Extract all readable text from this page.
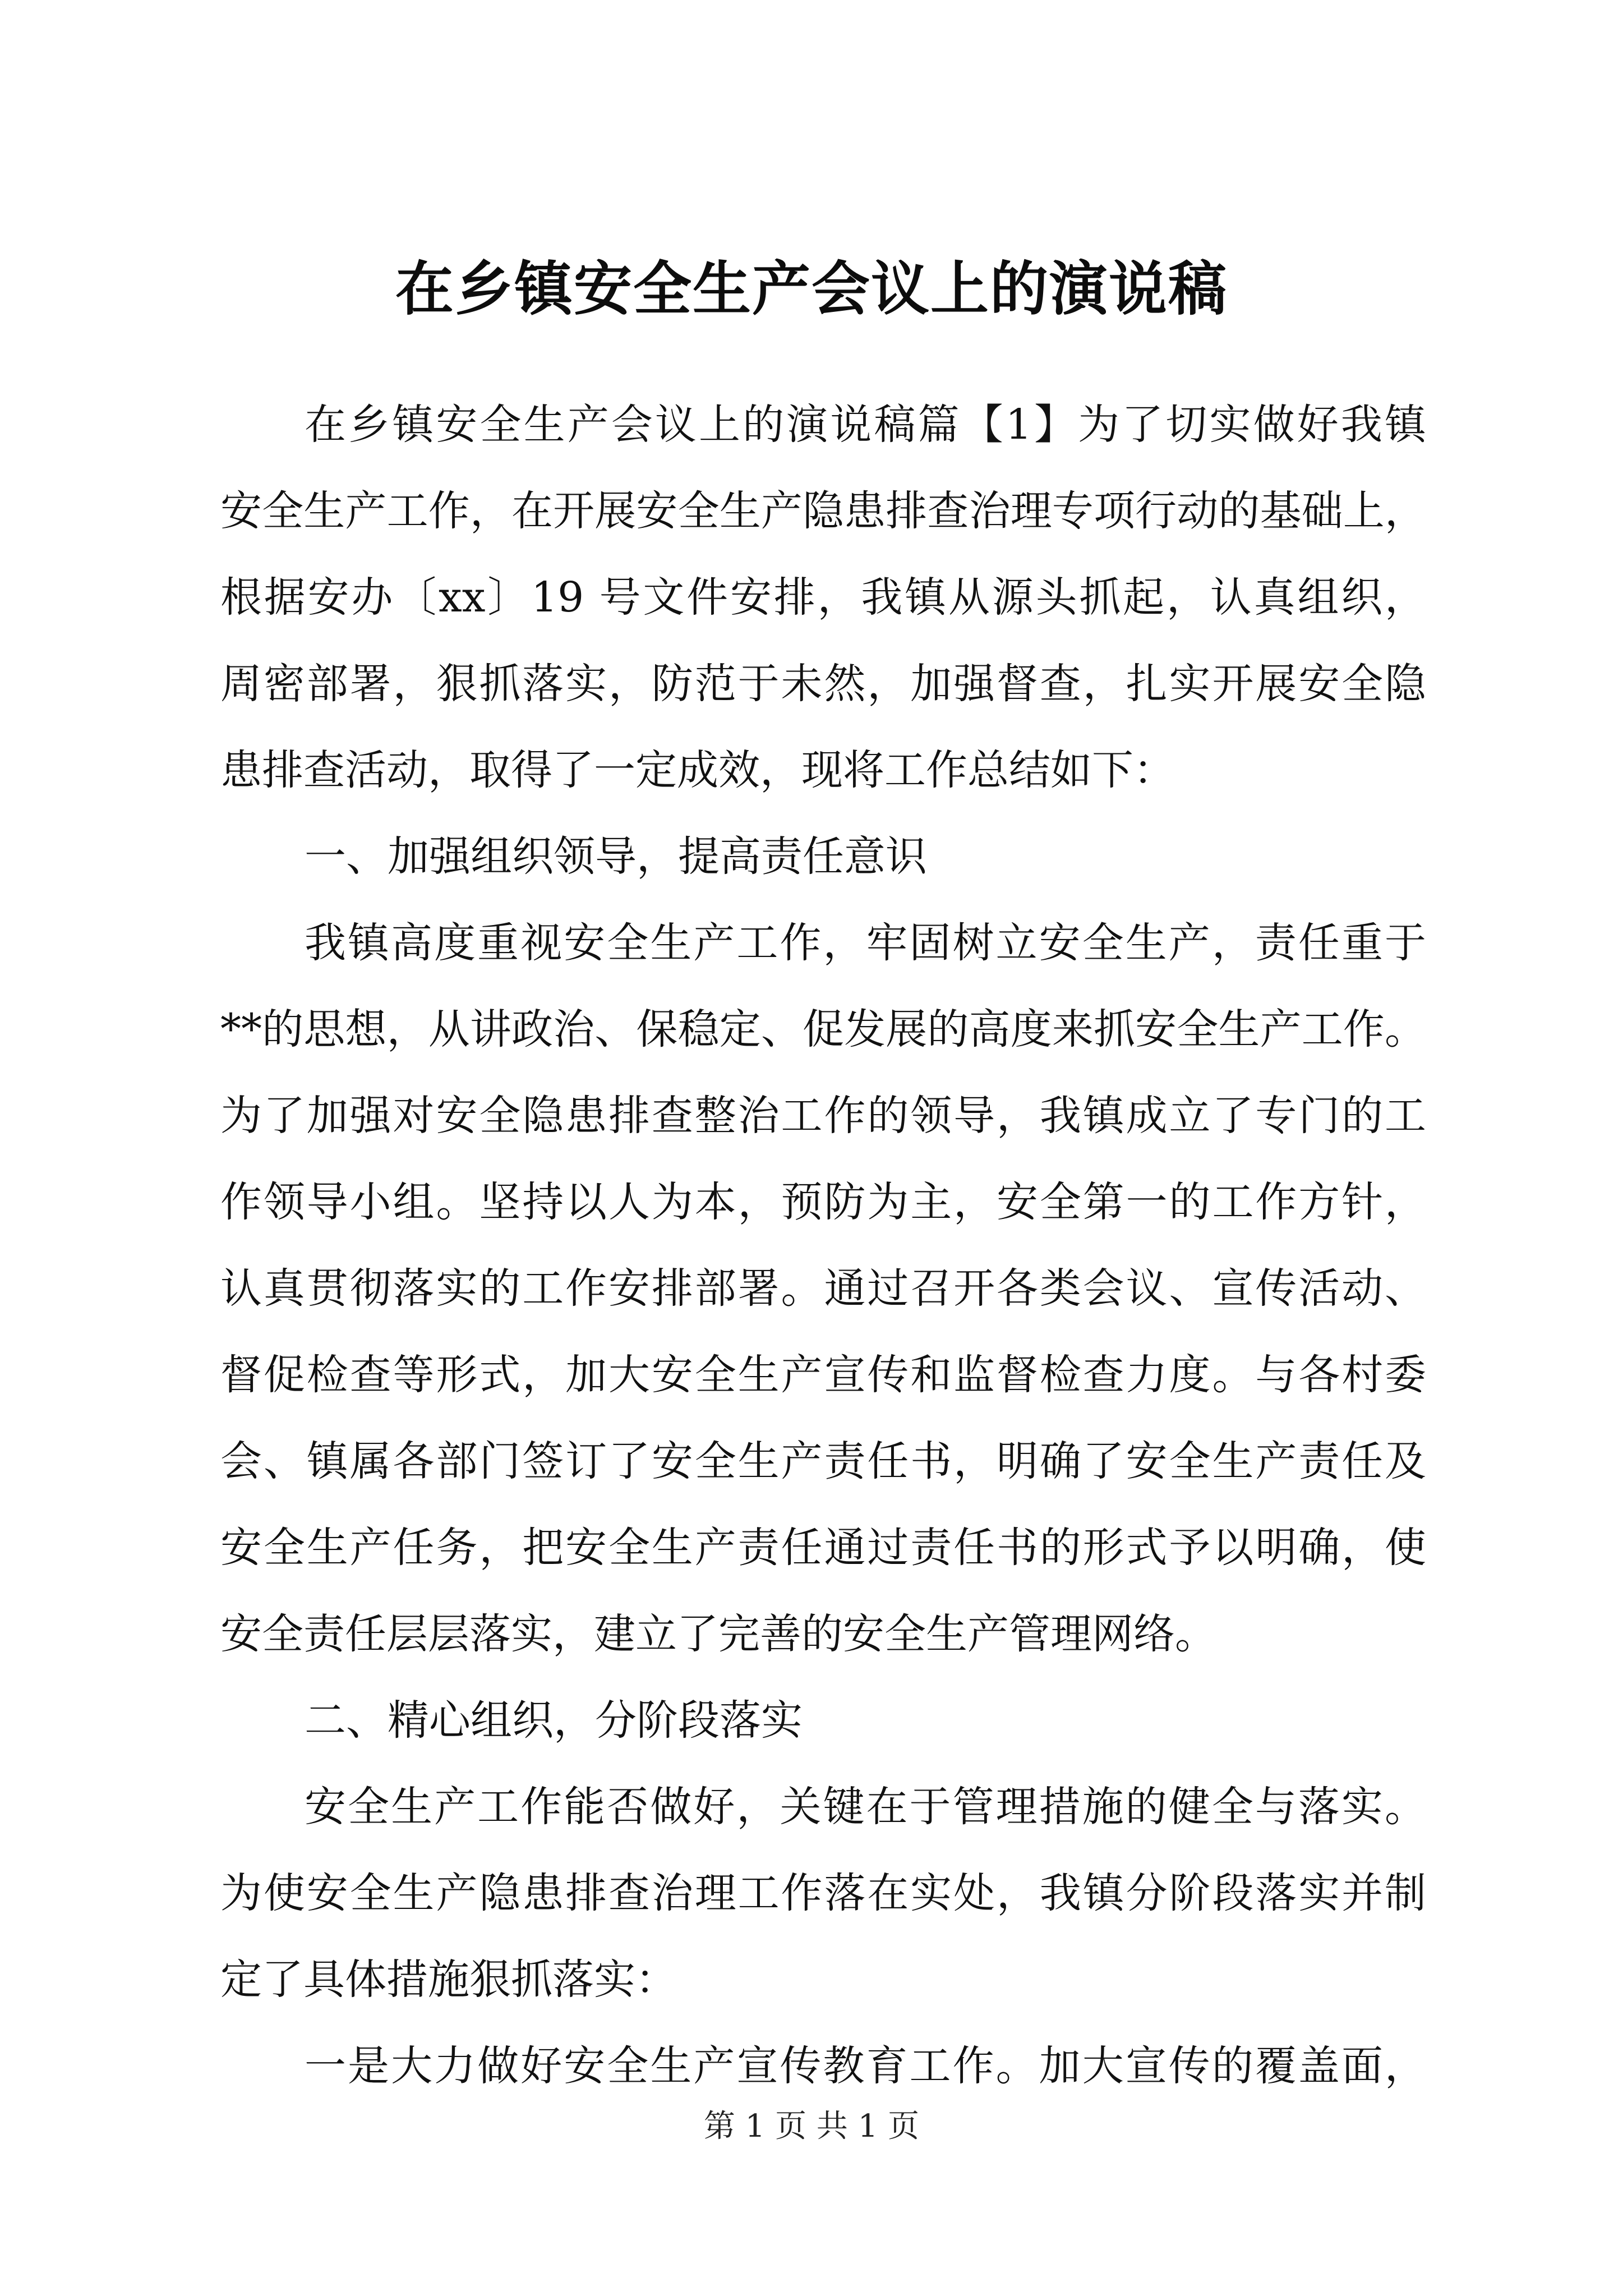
在乡镇安全生产会议上的演说稿
在乡镇安全生产会议上的演说稿篇【1】为了切实做好我镇
安全生产工作，在开展安全生产隐患排查治理专项行动的基础上，
根据安办〔xx〕19 号文件安排，我镇从源头抓起，认真组织，
周密部署，狠抓落实，防范于未然，加强督查，扎实开展安全隐
患排查活动，取得了一定成效，现将工作总结如下：
一、加强组织领导，提高责任意识
我镇高度重视安全生产工作，牢固树立安全生产，责任重于
**的思想，从讲政治、保稳定、促发展的高度来抓安全生产工作。
为了加强对安全隐患排查整治工作的领导，我镇成立了专门的工
作领导小组。坚持以人为本，预防为主，安全第一的工作方针，
认真贯彻落实的工作安排部署。通过召开各类会议、宣传活动、
督促检查等形式，加大安全生产宣传和监督检查力度。与各村委
会、镇属各部门签订了安全生产责任书，明确了安全生产责任及
安全生产任务，把安全生产责任通过责任书的形式予以明确，使
安全责任层层落实，建立了完善的安全生产管理网络。
二、精心组织，分阶段落实
安全生产工作能否做好，关键在于管理措施的健全与落实。
为使安全生产隐患排查治理工作落在实处，我镇分阶段落实并制
定了具体措施狠抓落实：
一是大力做好安全生产宣传教育工作。加大宣传的覆盖面，
第 1 页 共 1 页
